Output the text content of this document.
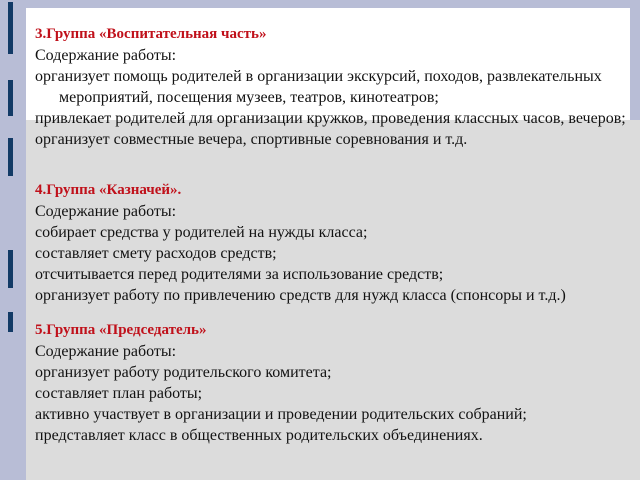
3.Группа «Воспитательная часть»
Содержание работы:
организует помощь родителей в организации экскурсий, походов, развлекательных мероприятий, посещения музеев, театров, кинотеатров;
привлекает родителей для организации кружков, проведения классных часов, вечеров;
организует совместные вечера, спортивные соревнования и т.д.
4.Группа «Казначей».
Содержание работы:
собирает средства у родителей на нужды класса;
составляет смету расходов средств;
отсчитывается перед родителями за использование средств;
организует работу по привлечению средств для нужд класса (спонсоры и т.д.)
5.Группа «Председатель»
Содержание работы:
организует работу родительского комитета;
составляет план работы;
активно участвует в организации и проведении родительских собраний;
представляет класс в общественных родительских объединениях.
